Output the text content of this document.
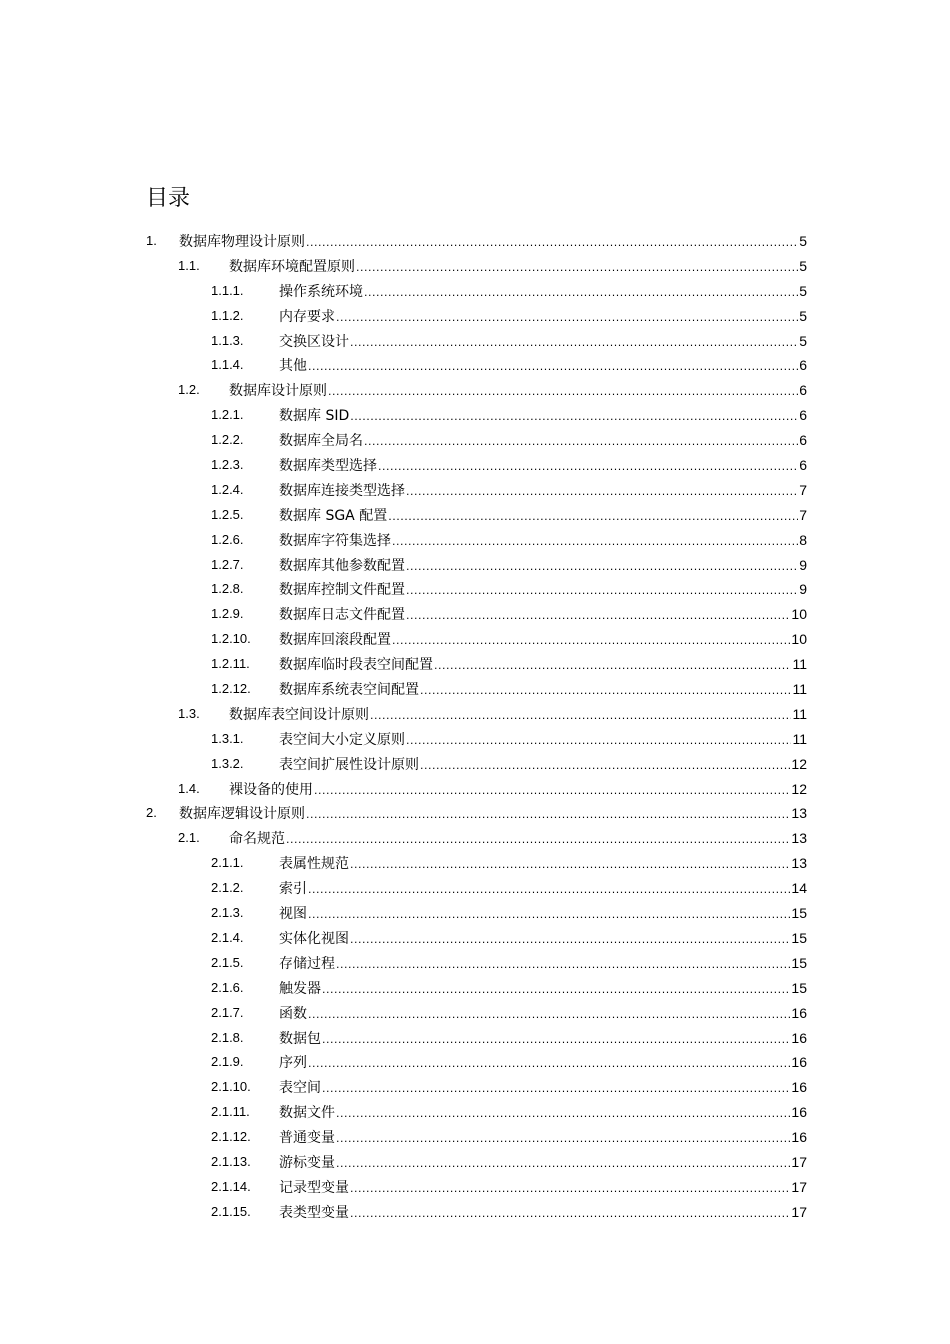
目录
1. 数据库物理设计原则 .....	5
1.1. 数据库环境配置原则 .....	5
1.1.1.	操作系统环境 .....	5
1.1.2.	内存要求 .....	5
1.1.3.	交换区设计 .....	5
1.1.4.	其他 .....	6
1.2. 数据库设计原则 .....	6
1.2.1.	数据库 SID .....	6
1.2.2.	数据库全局名 .....	6
1.2.3.	数据库类型选择 .....	6
1.2.4.	数据库连接类型选择 .....	7
1.2.5.	数据库 SGA 配置 .....	7
1.2.6.	数据库字符集选择 .....	8
1.2.7.	数据库其他参数配置 .....	9
1.2.8.	数据库控制文件配置 .....	9
1.2.9.	数据库日志文件配置 .....	10
1.2.10. 数据库回滚段配置 .....	10
1.2.11. 数据库临时段表空间配置 .....	11
1.2.12. 数据库系统表空间配置 .....	11
1.3. 数据库表空间设计原则 .....	11
1.3.1.	表空间大小定义原则 .....	11
1.3.2.	表空间扩展性设计原则 .....	12
1.4. 裸设备的使用 .....	12
2. 数据库逻辑设计原则 .....	13
2.1. 命名规范 .....	13
2.1.1.	表属性规范 .....	13
2.1.2.	索引 .....	14
2.1.3.	视图 .....	15
2.1.4.	实体化视图 .....	15
2.1.5.	存储过程 .....	15
2.1.6.	触发器 .....	15
2.1.7.	函数 .....	16
2.1.8.	数据包 .....	16
2.1.9.	序列 .....	16
2.1.10. 表空间 .....	16
2.1.11. 数据文件 .....	16
2.1.12. 普通变量 .....	16
2.1.13. 游标变量 .....	17
2.1.14. 记录型变量 .....	17
2.1.15. 表类型变量 .....	17
